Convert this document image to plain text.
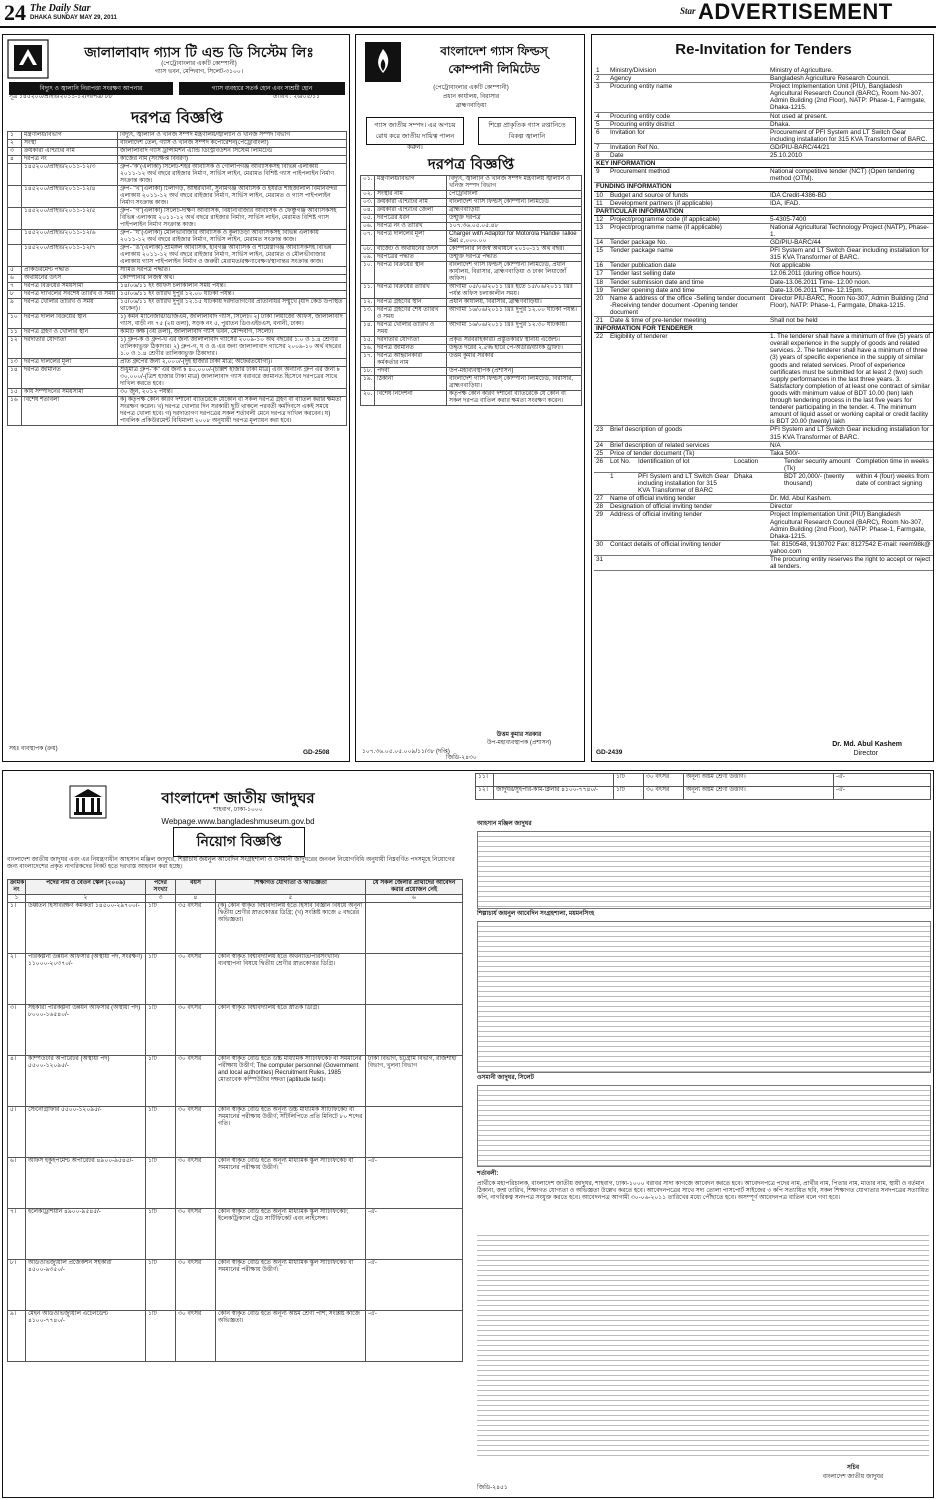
24 The Daily Star
DHAKA SUNDAY MAY 29, 2011
Star ADVERTISEMENT
জালালাবাদ গ্যাস টি এন্ড ডি সিস্টেম লিঃ
(পেট্রোবাংলার একটি কোম্পানী)
গ্যাস ভবন, মেন্দিবাগ, সিলেট-৩১০০।
বিদ্যুৎ ও জ্বালানি নিরাপত্তা সংরক্ষণ আপনার	গ্যাস ব্যবহারে সতর্ক হোন এবং সাশ্রয়ী হোন
সূত্র ১৪৫২০০/প্রাইভ/২০১১-১২/দরপত্র/ ৮৮	তারিখ : ২৬/০৫/১১
দরপত্র বিজ্ঞপ্তি
১	মন্ত্রণালয়/বিভাগ	বিদ্যুৎ, জ্বালানি ও খনিজ সম্পদ মন্ত্রণালয়/জ্বালানি ও খনিজ সম্পদ বিভাগ
২	সংস্থা	বাংলাদেশ তেল, গ্যাস ও খনিজ সম্পদ কর্পোরেশন(পেট্রোবাংলা)
৩	ক্রয়কারী এন্টিটির নাম	জালালাবাদ গ্যাস ট্রান্সমিশন এ্যান্ড ডিস্ট্রিবিউশন সিস্টেম লিমিটেড
৪	দরপত্র নং	কাজের নাম (সংক্ষিপ্ত বিবরণ)
	১৪৫২০০/প্রাইভ/২০১১-১২/৩	গ্রুপ-"ক"(এলাকা) সিলেট-শহর আবাসিক ও গোলাপগঞ্জ আবাসিকসহ বিভিন্ন এলাকায় ২০১১-১২ অর্থ বছরে রাইজার নির্মাণ, সার্ভিস লাইন, মেরামত বিশিষ্ট গ্যাস পাইপলাইন নির্মাণ সংক্রান্ত কাজ।
	১৪৫২০০/প্রাইভ/২০১১-১২/৪	গ্রুপ- "খ"(এলাকা) টিলাগড়, আম্বরখানা, সুনামগঞ্জ আবাসিক ও হযরত শাহজালাল বিমানবন্দর এলাকায় ২০১১-১২ অর্থ বছরে রাইজার নির্মাণ, সার্ভিস লাইন, মেরামত ও গ্যাস পাইপলাইন নির্মাণ সংক্রান্ত কাজ।
	১৪৫২০০/প্রাইভ/২০১১-১২/৫	গ্রুপ- "গ"(এলাকা) সিলেট-দক্ষিণ আবাসিক, বিয়ানীবাজার আবাসিক ও ফেঞ্চুগঞ্জ আবাসিকসহ বিভিন্ন এলাকায় ২০১১-১২ অর্থ বছরে রাইজার নির্মাণ, সার্ভিস লাইন, মেরামত বিশিষ্ট গ্যাস পাইপলাইন নির্মাণ সংক্রান্ত কাজ।
	১৪৫২০০/প্রাইভ/২০১১-১২/৬	গ্রুপ- "ঘ"(এলাকা) মৌলভীবাজার আবাসিক ও কুলাউড়া আবাসিকসহ বিভিন্ন এলাকায় ২০১১-১২ অর্থ বছরে রাইজার নির্মাণ, সার্ভিস লাইন, মেরামত সংক্রান্ত কাজ।
	১৪৫২০০/প্রাইভ/২০১১-১২/৭	গ্রুপ- "ঙ"(এলাকা) শ্রীমঙ্গল আবাসিক, হবিগঞ্জ আবাসিক ও শায়েস্তাগঞ্জ আবাসিকসহ বিভিন্ন এলাকায় ২০১১-১২ অর্থ বছরে রাইজার নির্মাণ, সার্ভিস লাইন, মেরামত ও মৌলভীবাজার এলাকায় গ্যাস পাইপলাইন নির্মাণ ও জরুরী মেরামত/রক্ষণাবেক্ষণ/স্থানান্তর সংক্রান্ত কাজ।
৫	প্রকিউরমেন্ট পদ্ধতি	সীমিত দরপত্র পদ্ধতি।
৬	অর্থায়নের উৎস	কোম্পানীর নিজস্ব অর্থ।
৭	দরপত্র বিক্রয়ের সময়সীমা	১৪/০৬/১১ ইং অফিস চলাকালীন সময় পর্যন্ত।
৮	দরপত্র দাখিলের সর্বশেষ তারিখ ও সময়	১৫/০৬/১১ ইং তারিখ দুপুর ১২.০০ ঘটিকা পর্যন্ত।
৯	দরপত্র খোলার তারিখ ও সময়	১৫/০৬/১১ ইং তারিখ দুপুর ১২.১৫ ঘটিকায় দরদাতাগণের প্রতিনিধির সম্মুখে (যদি কেউ উপস্থিত থাকেন)।
১০	দরপত্র দলিল বিক্রয়ের স্থান	১) কমন ম্যানেজার/ডিজিএম, জালালাবাদ গ্যাস, সিলেট। ২) ঢাকা লিয়াজোঁ অফিস, জালালাবাদ গ্যাস, বাড়ী নং ৭৫ (২য় তলা), সড়ক নং ৫, পুরাতন ডিওএইচএস, বনানী, ঢাকা।
১১	দরপত্র গ্রহণ ও খোলার স্থান	কমিটি কক্ষ (৩য় তলা), জালালাবাদ গ্যাস ভবন, মেন্দিবাগ, সিলেট।
১২	দরদাতার যোগ্যতা	১) গ্রুপ-ক ও গ্রুপ-খ এর জন্য জালালাবাদ গ্যাসের ২০০৯-১০ অর্থ বছরের ১.০ ও ১.৪ শ্রেণীর তালিকাভুক্ত ঠিকাদার। ২) গ্রুপ-গ, ঘ ও ঙ এর জন্য জালালাবাদ গ্যাসের ২০০৯-১০ অর্থ বছরের ১.০ ও ১.৪ শ্রেণীর তালিকাভুক্ত ঠিকাদার।
১৩	দরপত্র দলিলের মূল্য	প্রতি গ্রুপের জন্য ২,০০০/-(দুই হাজার টাকা মাত্র; অফেরতযোগ্য)।
১৪	দরপত্র জামানত	শুধুমাত্র গ্রুপ-"ক" এর জন্য ৳ ৪০,০০০/-(চল্লিশ হাজার টাকা মাত্র) এবং অন্যান্য গ্রুপ এর জন্য ৳ ৩০,০০০/-(ত্রিশ হাজার টাকা মাত্র) জালালাবাদ গ্যাস বরাবরে জামানত হিসেবে দরপত্রের সাথে দাখিল করতে হবে।
১৫	কার্য সম্পাদনের সময়সীমা	৩০ জুন, ২০১২ পর্যন্ত।
১৬	বিশেষ শর্তাবলী	ক) কর্তৃপক্ষ কোন কারণ দর্শানো ব্যতিরেকে যেকোন বা সকল দরপত্র গ্রহণ বা বাতিল করার ক্ষমতা সংরক্ষণ করেন। খ) দরপত্র খোলার দিন সরকারী ছুটি থাকলে পরবর্তী কর্মদিবসে একই সময়ে দরপত্র খোলা হবে। গ) দরদাতাগণ দরপত্রের সকল শর্তাবলী মেনে দরপত্র দাখিল করবেন। ঘ) পাবলিক প্রকিউরমেন্ট বিধিমালা ২০০৮ অনুযায়ী দরপত্র মূল্যায়ন করা হবে।
সহঃ ব্যবস্থাপক (ক্রয়)	GD-2508
বাংলাদেশ গ্যাস ফিল্ডস্
কোম্পানী লিমিটেড
(পেট্রোবাংলার একটি কোম্পানী)
প্রধান কার্যালয়, বিরাসার
ব্রাহ্মণবাড়িয়া
গ্যাস জাতীয় সম্পদ। এর অপচয় রোধ করে জাতীয় দায়িত্ব পালন করুন।
শিল্পে প্রাকৃতিক গ্যাস রপ্তানিতে বিকল্প জ্বালানি
দরপত্র বিজ্ঞপ্তি
০১.	মন্ত্রণালয়/বিভাগ	বিদ্যুৎ, জ্বালানি ও খনিজ সম্পদ মন্ত্রণালয় জ্বালানি ও খনিজ সম্পদ বিভাগ
০২.	সংস্থার নাম	পেট্রোবাংলা
০৩.	ক্রয়কারী এন্টিটির নাম	বাংলাদেশ গ্যাস ফিল্ডস্ কোম্পানী লিমিটেড
০৪.	ক্রয়কারী এন্টিটির জেলা	ব্রাহ্মণবাড়িয়া
০৫.	দরপত্রের ধরন	উন্মুক্ত দরপত্র
০৬.	দরপত্র নং ও তারিখ	১০৭.৩৬.০৫.০৫.৪৮
০৭.	দরপত্র দলিলের মূল্য	Charger with Adaptor for Motorola Handie Talkie Set ৫,০০০.০০
০৮.	বাজেট ও অর্থায়নের উৎস	কোম্পানীর নিজস্ব অর্থায়নে ২০১০-১১ অর্থ বছর।
০৯.	দরপত্রের পদ্ধতি	উন্মুক্ত দরপত্র পদ্ধতি
১০.	দরপত্র বিক্রয়ের স্থান	বাংলাদেশ গ্যাস ফিল্ডস্ কোম্পানী লিমিটেড, প্রধান কার্যালয়, বিরাসার, ব্রাহ্মণবাড়িয়া ও ঢাকা লিয়াজোঁ অফিস।
১১.	দরপত্র বিক্রয়ের তারিখ	আগামী ০৫/০৬/২০১১ খ্রিঃ হতে ১৫/০৬/২০১১ খ্রিঃ পর্যন্ত অফিস চলাকালীন সময়।
১২.	দরপত্র গ্রহণের স্থান	প্রধান কার্যালয়, বিরাসার, ব্রাহ্মণবাড়িয়া।
১৩.	দরপত্র গ্রহণের শেষ তারিখ ও সময়	আগামী ১৬/০৬/২০১১ খ্রিঃ দুপুর ১২.০০ ঘটিকা পর্যন্ত।
১৪.	দরপত্র খোলার তারিখ ও সময়	আগামী ১৬/০৬/২০১১ খ্রিঃ দুপুর ১২.৩০ ঘটিকায়।
১৫.	দরদাতার যোগ্যতা	প্রকৃত সরবরাহকারী/ প্রস্তুতকারী/ স্থানীয় এজেন্ট।
১৬.	দরপত্র জামানত	উদ্ধৃত দরের ২.৫% হারে পে-অর্ডার/ব্যাংক ড্রাফট।
১৭.	দরপত্র আহ্বানকারী কর্মকর্তার নাম	উত্তম কুমার সরকার
১৮.	পদবী	উপ-মহাব্যবস্থাপক (প্রশাসন)
১৯.	ঠিকানা	বাংলাদেশ গ্যাস ফিল্ডস্ কোম্পানী লিমিটেড, বিরাসার, ব্রাহ্মণবাড়িয়া।
২০.	বিশেষ নির্দেশনা	কর্তৃপক্ষ কোন কারণ দর্শানো ব্যতিরেকে যে কোন বা সকল দরপত্র বাতিল করার ক্ষমতা সংরক্ষণ করেন।
উত্তম কুমার সরকার
উপ-মহাব্যবস্থাপক (প্রশাসন)
১০৭.৩৬.০৫.০৫.০০৯/১১/৩৮ (দপ্তি)
জিডি-২৪৩০
Re-Invitation for Tenders
1	Ministry/Division	Ministry of Agriculture.
2	Agency	Bangladesh Agriculture Research Council.
3	Procuring entity name	Project Implementation Unit (PIU), Bangladesh Agricultural Research Council (BARC), Room No-307, Admin Building (2nd Floor), NATP: Phase-1, Farmgate, Dhaka-1215.
4	Procuring entity code	Not used at present.
5	Procuring entity district	Dhaka.
6	Invitation for	Procurement of PFI System and LT Switch Gear including installation for 315 KVA Transformer of BARC.
7	Invitation Ref No.	GD/PIU-BARC/44/21
8	Date	25.10.2010
KEY INFORMATION		
9	Procurement method	National competitive tender (NCT) (Open tendering method (OTM).
FUNDING INFORMATION		
10	Budget and source of funds	IDA Credit-4386-BD
11	Development partners (if applicable)	IDA, IFAD.
PARTICULAR INFORMATION		
12	Project/programme code (if applicable)	5-4305-7400
13	Project/programme name (if applicable)	National Agricultural Technology Project (NATP), Phase-1.
14	Tender package No.	GD/PIU-BARC/44
15	Tender package name	PFI System and LT Switch Gear including installation for 315 KVA Transformer of BARC.
16	Tender publication date	Not applicable
17	Tender last selling date	12.06.2011 (during office hours).
18	Tender submission date and time	Date-13.06.2011 Time- 12.00 noon.
19	Tender opening date and time	Date-13.06.2011 Time- 12.15pm.
20	Name & address of the office -Selling tender document -Receiving tender document -Opening tender document	Director PIU-BARC, Room No-307, Admin Building (2nd Floor), NATP: Phase-1, Farmgate, Dhaka-1215.
21	Date & time of pre-tender meeting	Shall not be held
INFORMATION FOR TENDERER		
22	Eligibility of tenderer	1. The tenderer shall have a minimum of five (5) years of overall experience in the supply of goods and related services. 2. The tenderer shall have a minimum of three (3) years of specific experience in the supply of similar goods and related services. Proof of experience certificates must be submitted for at least 2 (two) such supply performances in the last three years. 3. Satisfactory completion of at least one contract of similar goods with minimum value of BDT 10.00 (ten) lakh through tendering process in the last five years for tenderer participating in the tender. 4. The minimum amount of liquid asset or working capital or credit facility is BDT 20.00 (twenty) lakh
23	Brief description of goods	PFI System and LT Switch Gear including installation for 315 KVA Transformer of BARC.
24	Brief description of related services	N/A
25	Price of tender document (Tk)	Taka 500/-
26	Lot No.	Identification of lot	Location	Tender security amount (Tk)	Completion time in weeks
	1	PFI System and LT Switch Gear including installation for 315 KVA Transformer of BARC	Dhaka	BDT 20,000/- (twenty thousand)	within 4 (four) weeks from date of contract signing
27	Name of official inviting tender	Dr. Md. Abul Kashem.
28	Designation of official inviting tender	Director
29	Address of official inviting tender	Project Implementation Unit (PIU) Bangladesh Agricultural Research Council (BARC), Room No-307, Admin Building (2nd Floor), NATP: Phase-1, Farmgate, Dhaka-1215.
30	Contact details of official inviting tender	Tel: 8150548, 9130702 Fax: 8127542 E-mail: reem98k@ yahoo.com
31		The procuring entity reserves the right to accept or reject all tenders.
GD-2439
Dr. Md. Abul Kashem
Director
বাংলাদেশ জাতীয় জাদুঘর
শাহবাগ, ঢাকা-১০০০
Webpage.www.bangladeshmuseum.gov.bd
নিয়োগ বিজ্ঞপ্তি
বাংলাদেশ জাতীয় জাদুঘর এবং এর নিয়ন্ত্রণাধীন আহসান মঞ্জিল জাদুঘর, শিল্পাচার্য জয়নুল আবেদিন সংগ্রহশালা ও ওসমানী জাদুঘরের জনবল নিয়োগবিধি অনুযায়ী নিম্নবর্ণিত পদসমূহে নিয়োগের জন্য বাংলাদেশের প্রকৃত নাগরিকদের নিকট হতে দরখাস্ত আহবান করা হচ্ছে।
ক্রমিক নং	পদের নাম ও বেতন স্কেল (২০০৯)	পদের সংখ্যা	বয়স	শিক্ষাগত যোগ্যতা ও অভিজ্ঞতা	যে সকল জেলার প্রার্থীদের আবেদন করার প্রয়োজন নেই
১	২	৩	৪	৫	৬
১।	উর্ধ্বতন হিসাবরক্ষণ কর্মকর্তা ১৪৫০০-২৯৭০০/-	১টি	৩৫ বৎসর	(ক) কোন স্বীকৃত বিশ্ববিদ্যালয় হতে হিসাব বিজ্ঞান বিষয়ে অনূন্য দ্বিতীয় শ্রেণীর স্নাতকোত্তর ডিগ্রি; (খ) সংশ্লিষ্ট কাজে ৫ বছরের অভিজ্ঞতা।	
২।	পরিকল্পনা উন্নয়ন অফিসার (অস্থায়ী পদ, সংরক্ষণ) ১১০০০-২০৩৭০/-	১টি	৩০ বৎসর	কোন স্বীকৃত বিশ্ববিদ্যালয় হতে অর্থনীতি/পরিসংখ্যান/ব্যবস্থাপনা বিষয়ে দ্বিতীয় শ্রেণীর স্নাতকোত্তর ডিগ্রি।	
৩।	সহকারী পরিকল্পনা উন্নয়ন অফিসার (অস্থায়ী পদ) ৮০০০-১৬৫৪০/-	১টি	৩০ বৎসর	কোন স্বীকৃত বিশ্ববিদ্যালয় হতে স্নাতক ডিগ্রি।	
৪।	কম্পিউটার অপারেটর (অস্থায়ী পদ) ৫৫০০-১২০৯৫/-	১টি	৩০ বৎসর	কোন স্বীকৃত বোর্ড হতে উচ্চ মাধ্যমিক সার্টিফিকেট বা সমমানের পরীক্ষায় উত্তীর্ণ; The computer personnel (Government and local authorities) Recruitment Rules, 1985 মোতাবেক কম্পিউটার দক্ষতা (aptitude test)।	ঢাকা বিভাগ, চট্টগ্রাম বিভাগ, রাজশাহী বিভাগ, খুলনা বিভাগ
৫।	স্টেনোগ্রাফার ৫৫০০-১২০৯৫/-	১টি	৩০ বৎসর	কোন স্বীকৃত বোর্ড হতে অনূন্য উচ্চ মাধ্যমিক সার্টিফিকেট বা সমমানের পরীক্ষায় উত্তীর্ণ; সাঁটলিপিতে প্রতি মিনিটে ৮০ শব্দের গতি।	
৬।	অফিস ইকুইপমেন্ট অপারেটর ৪৯০০-৯৫৪৫/-	১টি	৩০ বৎসর	কোন স্বীকৃত বোর্ড হতে অনূন্য মাধ্যমিক স্কুল সার্টিফিকেট বা সমমানের পরীক্ষায় উত্তীর্ণ।	-ঐ-
৭।	ইলেকট্রিশিয়ান ৪৯০০-৯৫৪৫/-	১টি	৩০ বৎসর	কোন স্বীকৃত বোর্ড হতে অনূন্য মাধ্যমিক স্কুল সার্টিফিকেট; ইলেকট্রিক্যাল ট্রেড সার্টিফিকেট এবং লাইসেন্স।	-ঐ-
৮।	অডিওভিজ্যুয়াল প্রজেকশন সহকারী ৪৫০০-৯৩৫০/-	১টি	৩০ বৎসর	কোন স্বীকৃত বোর্ড হতে অনূন্য মাধ্যমিক স্কুল সার্টিফিকেট বা সমমানের পরীক্ষায় উত্তীর্ণ।	-ঐ-
৯।	মেইন অডিওভিজ্যুয়াল এটেনডেন্ট ৪১০০-৭৭৪০/-	১টি	৩০ বৎসর	কোন স্বীকৃত বোর্ড হতে অনূন্য অষ্টম শ্রেণী পাশ; সংশ্লিষ্ট কাজে অভিজ্ঞতা।	-ঐ-
১১।		১টি	৩০ বৎসর	অনূন্য অষ্টম শ্রেণী উত্তীর্ণ।	-ঐ-
১২।	জাদুঘর/সুইপার-কাম-ক্লিনার ৪১০০-৭৭৪০/-	১টি	৩০ বৎসর	অনূন্য অষ্টম শ্রেণী উত্তীর্ণ।	-ঐ-
আহসান মঞ্জিল জাদুঘর
শিল্পাচার্য জয়নুল আবেদিন সংগ্রহশালা, ময়মনসিংহ
ওসমানী জাদুঘর, সিলেট
শর্তাবলী:
প্রার্থীকে মহাপরিচালক, বাংলাদেশ জাতীয় জাদুঘর, শাহবাগ, ঢাকা-১০০০ বরাবর সাদা কাগজে আবেদন করতে হবে। আবেদনপত্রে পদের নাম, প্রার্থীর নাম, পিতার নাম, মাতার নাম, স্থায়ী ও বর্তমান ঠিকানা, জন্ম তারিখ, শিক্ষাগত যোগ্যতা ও অভিজ্ঞতা উল্লেখ করতে হবে। আবেদনপত্রের সাথে সদ্য তোলা পাসপোর্ট সাইজের ৩ কপি সত্যায়িত ছবি, সকল শিক্ষাগত যোগ্যতার সনদপত্রের সত্যায়িত কপি, নাগরিকত্ব সনদপত্র সংযুক্ত করতে হবে। আবেদনপত্র আগামী ৩০-০৬-২০১১ তারিখের মধ্যে পৌঁছাতে হবে। অসম্পূর্ণ আবেদনপত্র বাতিল বলে গণ্য হবে।
সচিব
বাংলাদেশ জাতীয় জাদুঘর
জিডি-২৪৫১
